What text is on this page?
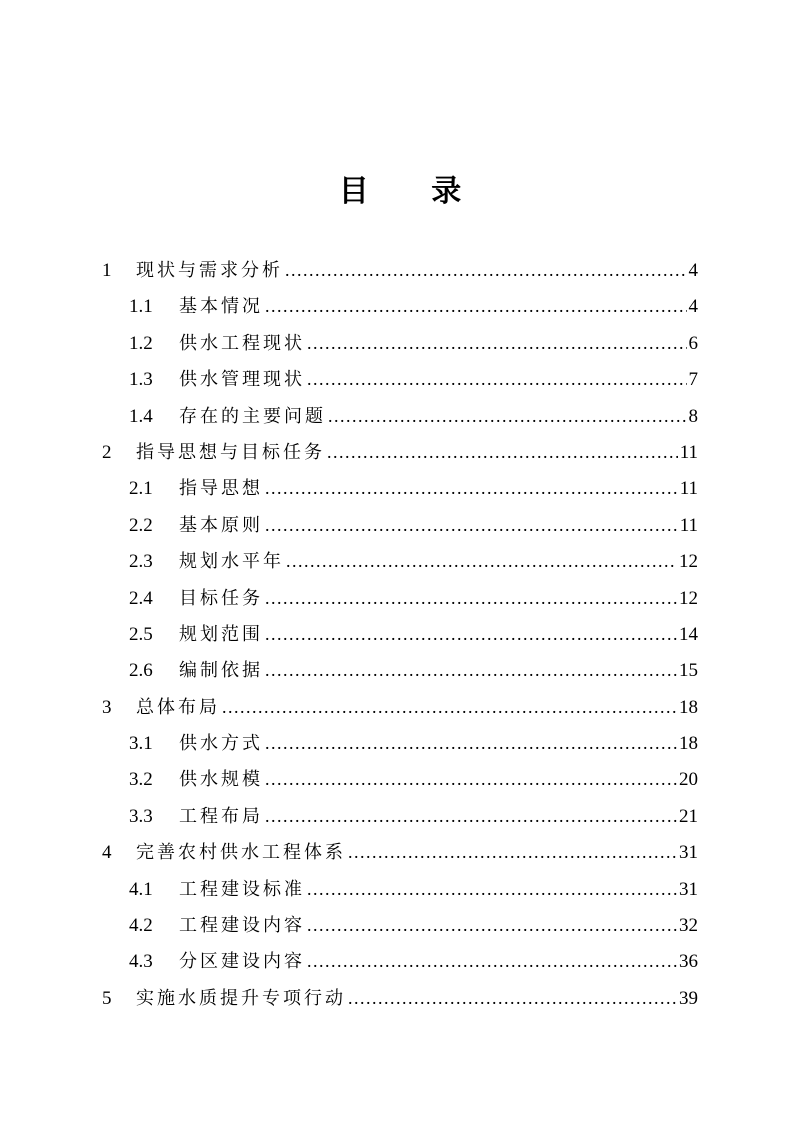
目 录
1	现状与需求分析 .....	4
1.1	基本情况 .....	4
1.2	供水工程现状 .....	6
1.3	供水管理现状 .....	7
1.4	存在的主要问题 .....	8
2	指导思想与目标任务 .....	11
2.1	指导思想 .....	11
2.2	基本原则 .....	11
2.3	规划水平年 .....	12
2.4	目标任务 .....	12
2.5	规划范围 .....	14
2.6	编制依据 .....	15
3	总体布局 .....	18
3.1	供水方式 .....	18
3.2	供水规模 .....	20
3.3	工程布局 .....	21
4	完善农村供水工程体系 .....	31
4.1	工程建设标准 .....	31
4.2	工程建设内容 .....	32
4.3	分区建设内容 .....	36
5	实施水质提升专项行动 .....	39
